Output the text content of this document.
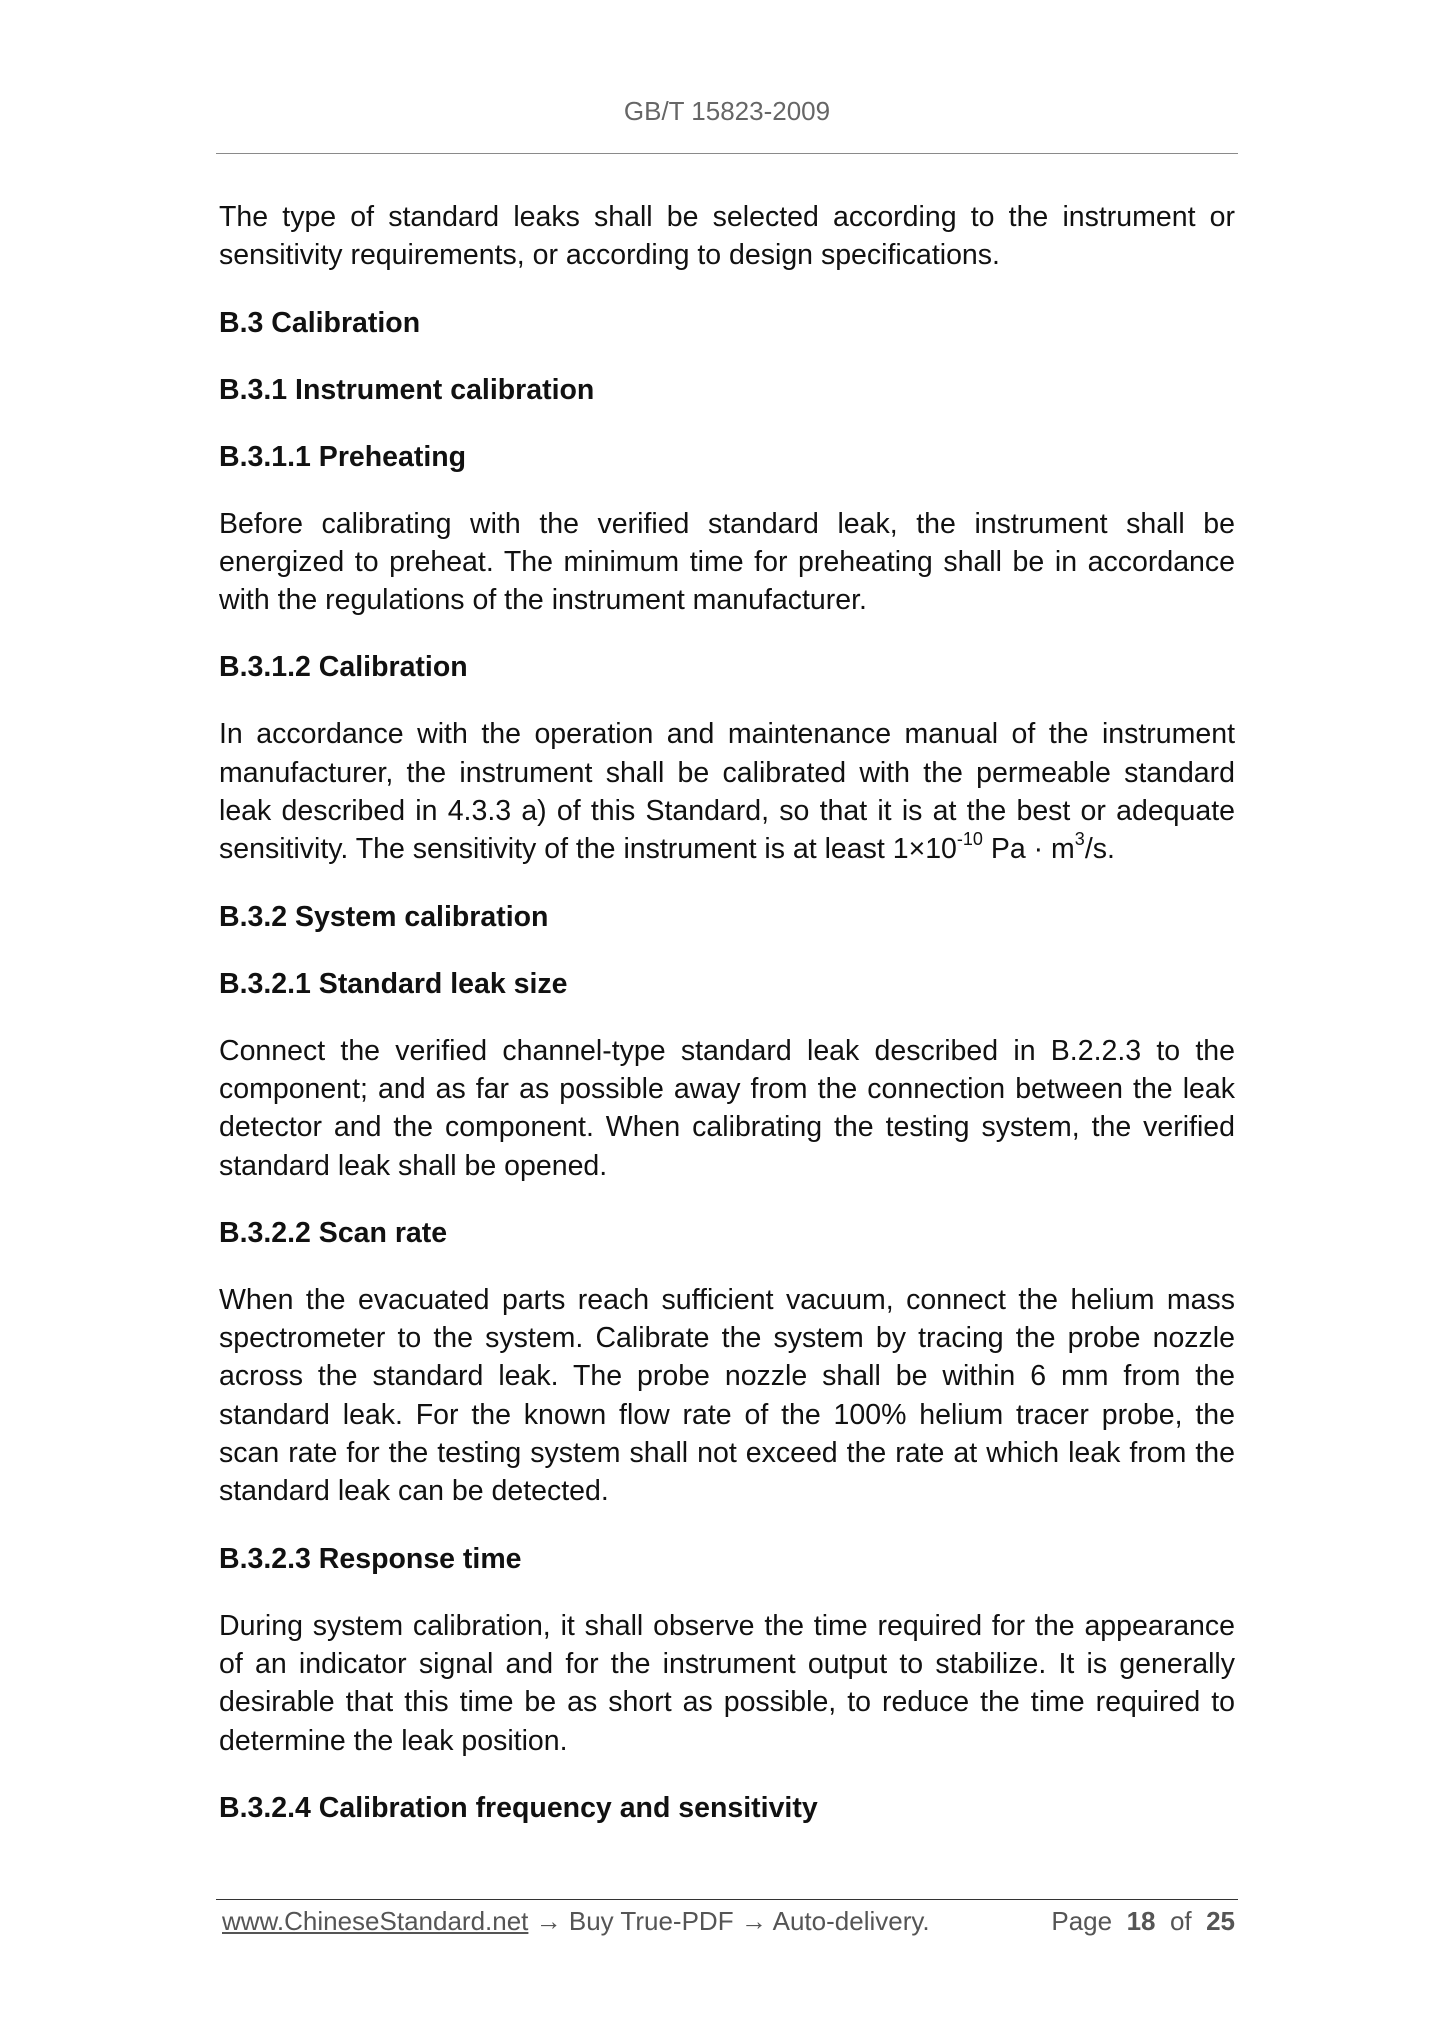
GB/T 15823-2009

The type of standard leaks shall be selected according to the instrument or sensitivity requirements, or according to design specifications.

B.3 Calibration
B.3.1 Instrument calibration
B.3.1.1 Preheating

Before calibrating with the verified standard leak, the instrument shall be energized to preheat. The minimum time for preheating shall be in accordance with the regulations of the instrument manufacturer.

B.3.1.2 Calibration

In accordance with the operation and maintenance manual of the instrument manufacturer, the instrument shall be calibrated with the permeable standard leak described in 4.3.3 a) of this Standard, so that it is at the best or adequate sensitivity. The sensitivity of the instrument is at least $1\times 10^{-10}$ $Pa \cdot m^3/s$.

B.3.2 System calibration
B.3.2.1 Standard leak size

Connect the verified channel-type standard leak described in B.2.2.3 to the component; and as far as possible away from the connection between the leak detector and the component. When calibrating the testing system, the verified standard leak shall be opened.

B.3.2.2 Scan rate

When the evacuated parts reach sufficient vacuum, connect the helium mass spectrometer to the system. Calibrate the system by tracing the probe nozzle across the standard leak. The probe nozzle shall be within 6 mm from the standard leak. For the known flow rate of the 100% helium tracer probe, the scan rate for the testing system shall not exceed the rate at which leak from the standard leak can be detected.

B.3.2.3 Response time

During system calibration, it shall observe the time required for the appearance of an indicator signal and for the instrument output to stabilize. It is generally desirable that this time be as short as possible, to reduce the time required to determine the leak position.

B.3.2.4 Calibration frequency and sensitivity
www.ChineseStandard.net → Buy True-PDF → Auto-delivery.	Page 18 of 25
